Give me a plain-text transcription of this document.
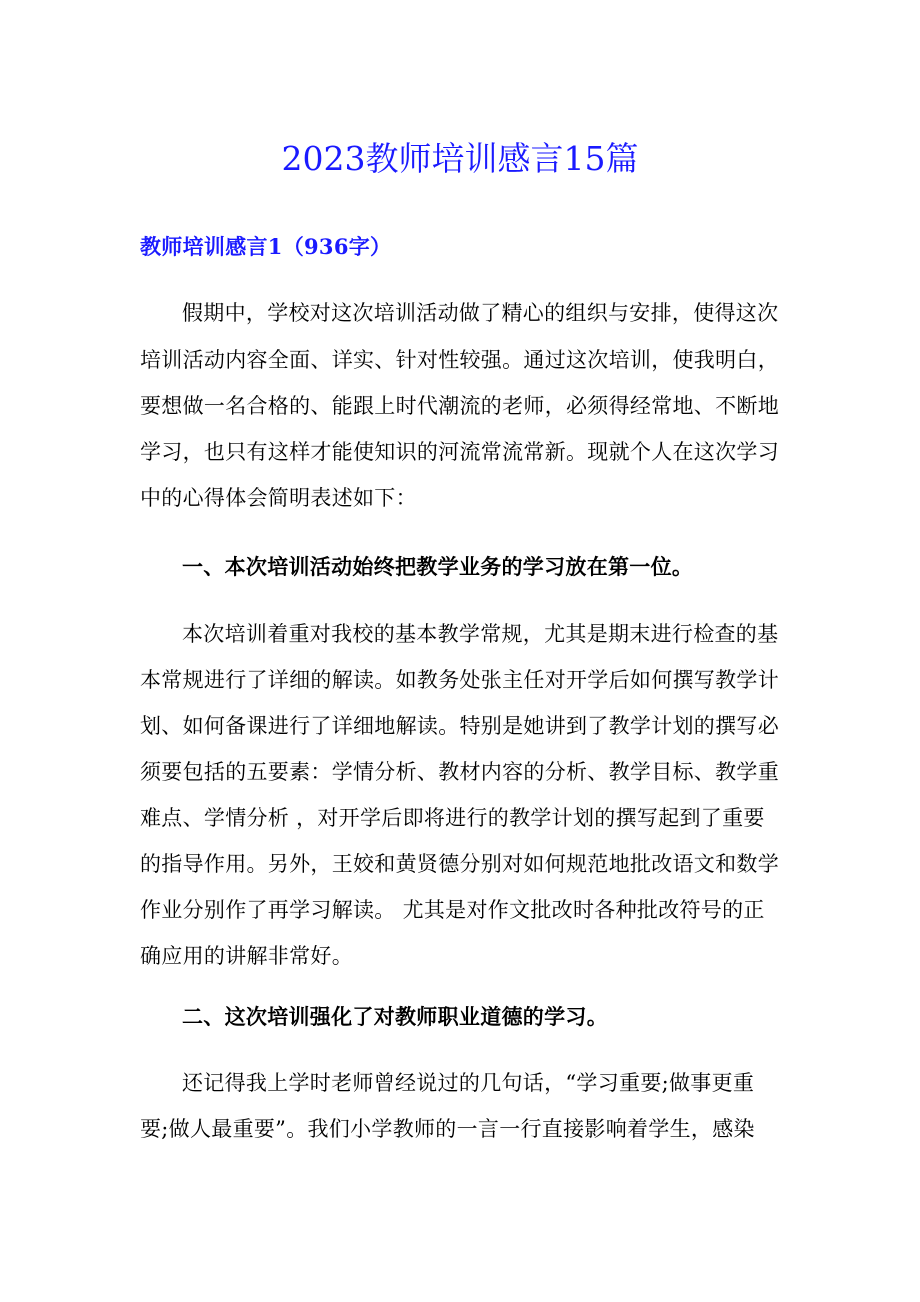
2023教师培训感言15篇
教师培训感言1（936字）
假期中，学校对这次培训活动做了精心的组织与安排，使得这次
培训活动内容全面、详实、针对性较强。通过这次培训，使我明白，
要想做一名合格的、能跟上时代潮流的老师，必须得经常地、不断地
学习，也只有这样才能使知识的河流常流常新。现就个人在这次学习
中的心得体会简明表述如下：
一、本次培训活动始终把教学业务的学习放在第一位。
本次培训着重对我校的基本教学常规，尤其是期末进行检查的基
本常规进行了详细的解读。如教务处张主任对开学后如何撰写教学计
划、如何备课进行了详细地解读。特别是她讲到了教学计划的撰写必
须要包括的五要素：学情分析、教材内容的分析、教学目标、教学重
难点、学情分析 ，对开学后即将进行的教学计划的撰写起到了重要
的指导作用。另外，王姣和黄贤德分别对如何规范地批改语文和数学
作业分别作了再学习解读。 尤其是对作文批改时各种批改符号的正
确应用的讲解非常好。
二、这次培训强化了对教师职业道德的学习。
还记得我上学时老师曾经说过的几句话，“学习重要;做事更重
要;做人最重要”。我们小学教师的一言一行直接影响着学生，感染
